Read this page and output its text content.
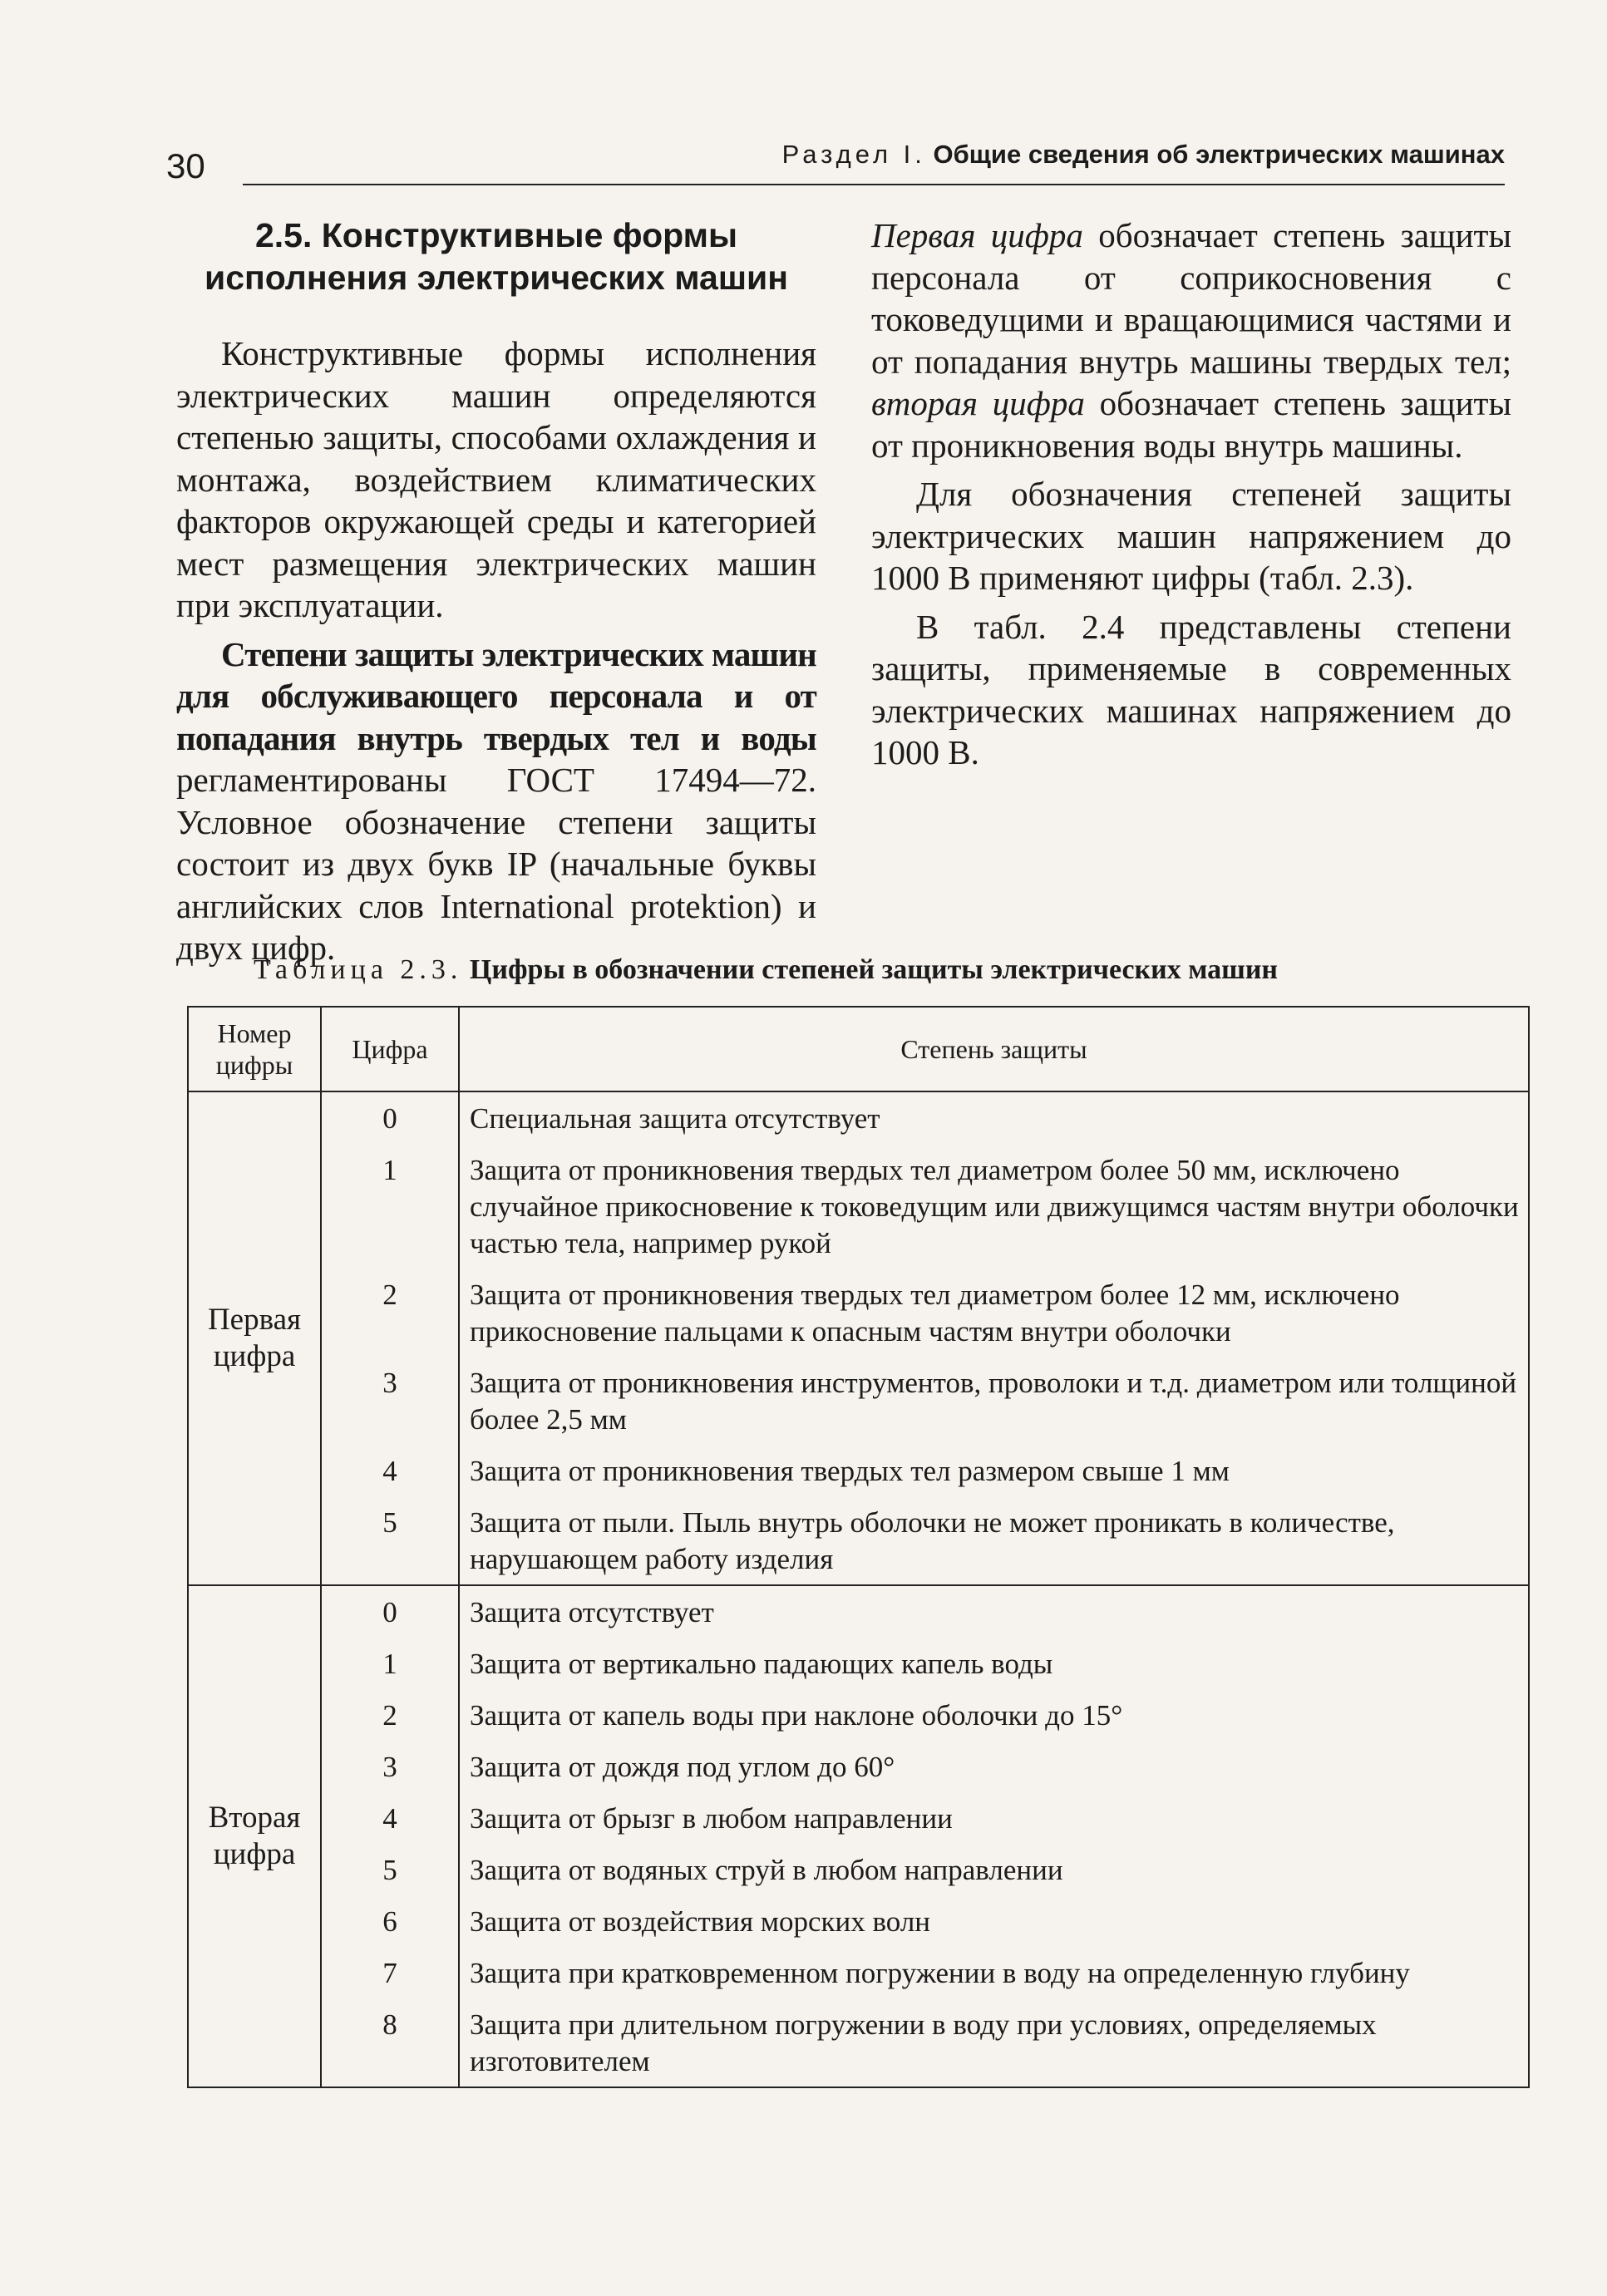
30	Раздел I. Общие сведения об электрических машинах

2.5. Конструктивные формы исполнения электрических машин

Конструктивные формы исполнения электрических машин определяются степенью защиты, способами охлаждения и монтажа, воздействием климатических факторов окружающей среды и категорией мест размещения электрических машин при эксплуатации.

Степени защиты электрических машин для обслуживающего персонала и от попадания внутрь твердых тел и воды регламентированы ГОСТ 17494—72. Условное обозначение степени защиты состоит из двух букв IP (начальные буквы английских слов International protektion) и двух цифр.

Первая цифра обозначает степень защиты персонала от соприкосновения с токоведущими и вращающимися частями и от попадания внутрь машины твердых тел; вторая цифра обозначает степень защиты от проникновения воды внутрь машины.

Для обозначения степеней защиты электрических машин напряжением до 1000 В применяют цифры (табл. 2.3).

В табл. 2.4 представлены степени защиты, применяемые в современных электрических машинах напряжением до 1000 В.

Таблица 2.3. Цифры в обозначении степеней защиты электрических машин
Номер цифры	Цифра	Степень защиты
Первая цифра	0	Специальная защита отсутствует
	1	Защита от проникновения твердых тел диаметром более 50 мм, исключено случайное прикосновение к токоведущим или движущимся частям внутри оболочки частью тела, например рукой
	2	Защита от проникновения твердых тел диаметром более 12 мм, исключено прикосновение пальцами к опасным частям внутри оболочки
	3	Защита от проникновения инструментов, проволоки и т.д. диаметром или толщиной более 2,5 мм
	4	Защита от проникновения твердых тел размером свыше 1 мм
	5	Защита от пыли. Пыль внутрь оболочки не может проникать в количестве, нарушающем работу изделия
Вторая цифра	0	Защита отсутствует
	1	Защита от вертикально падающих капель воды
	2	Защита от капель воды при наклоне оболочки до 15°
	3	Защита от дождя под углом до 60°
	4	Защита от брызг в любом направлении
	5	Защита от водяных струй в любом направлении
	6	Защита от воздействия морских волн
	7	Защита при кратковременном погружении в воду на определенную глубину
	8	Защита при длительном погружении в воду при условиях, определяемых изготовителем
